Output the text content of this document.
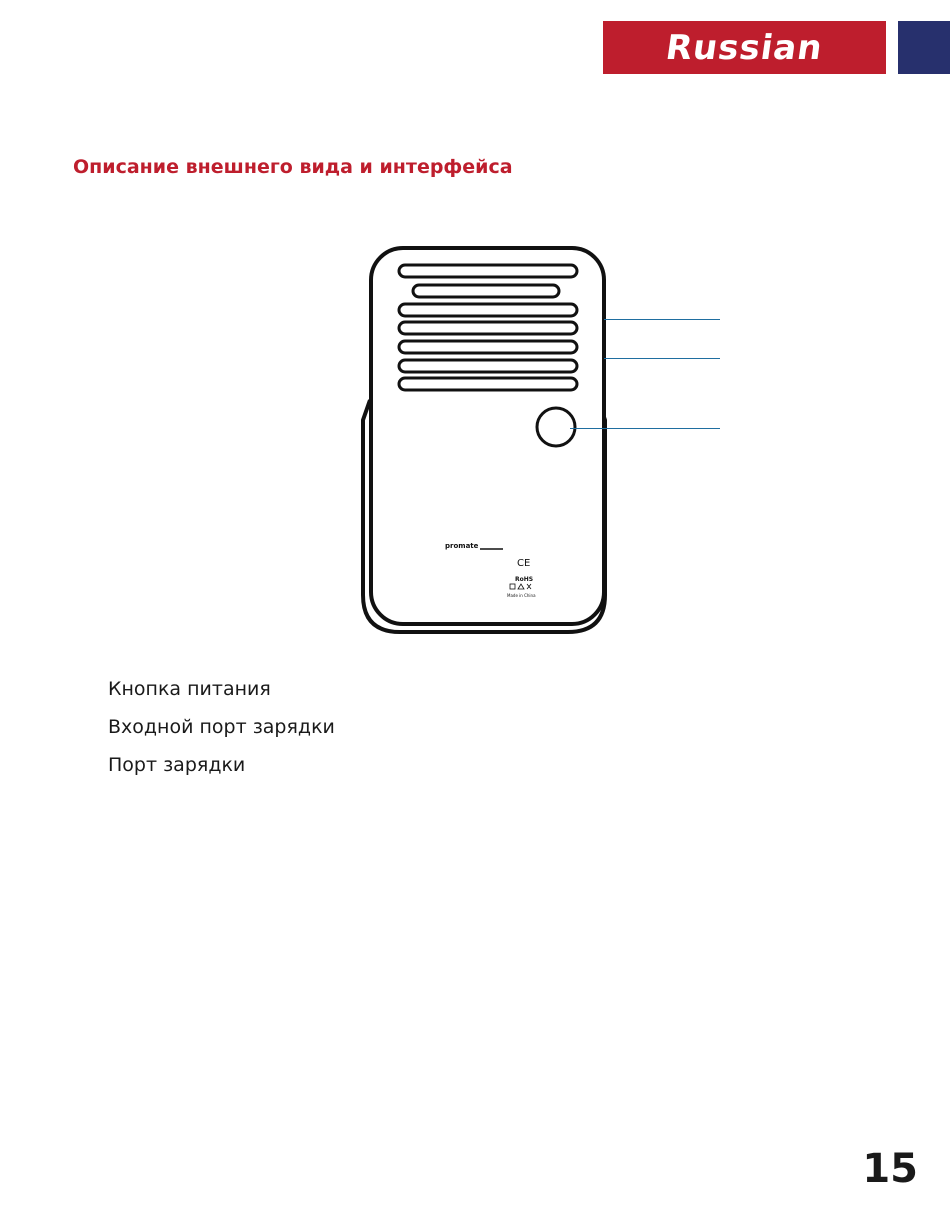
Russian
Описание внешнего вида и интерфейса
promate
CE
RoHS
Made in China
Кнопка питания
Входной порт зарядки
Порт зарядки
15
